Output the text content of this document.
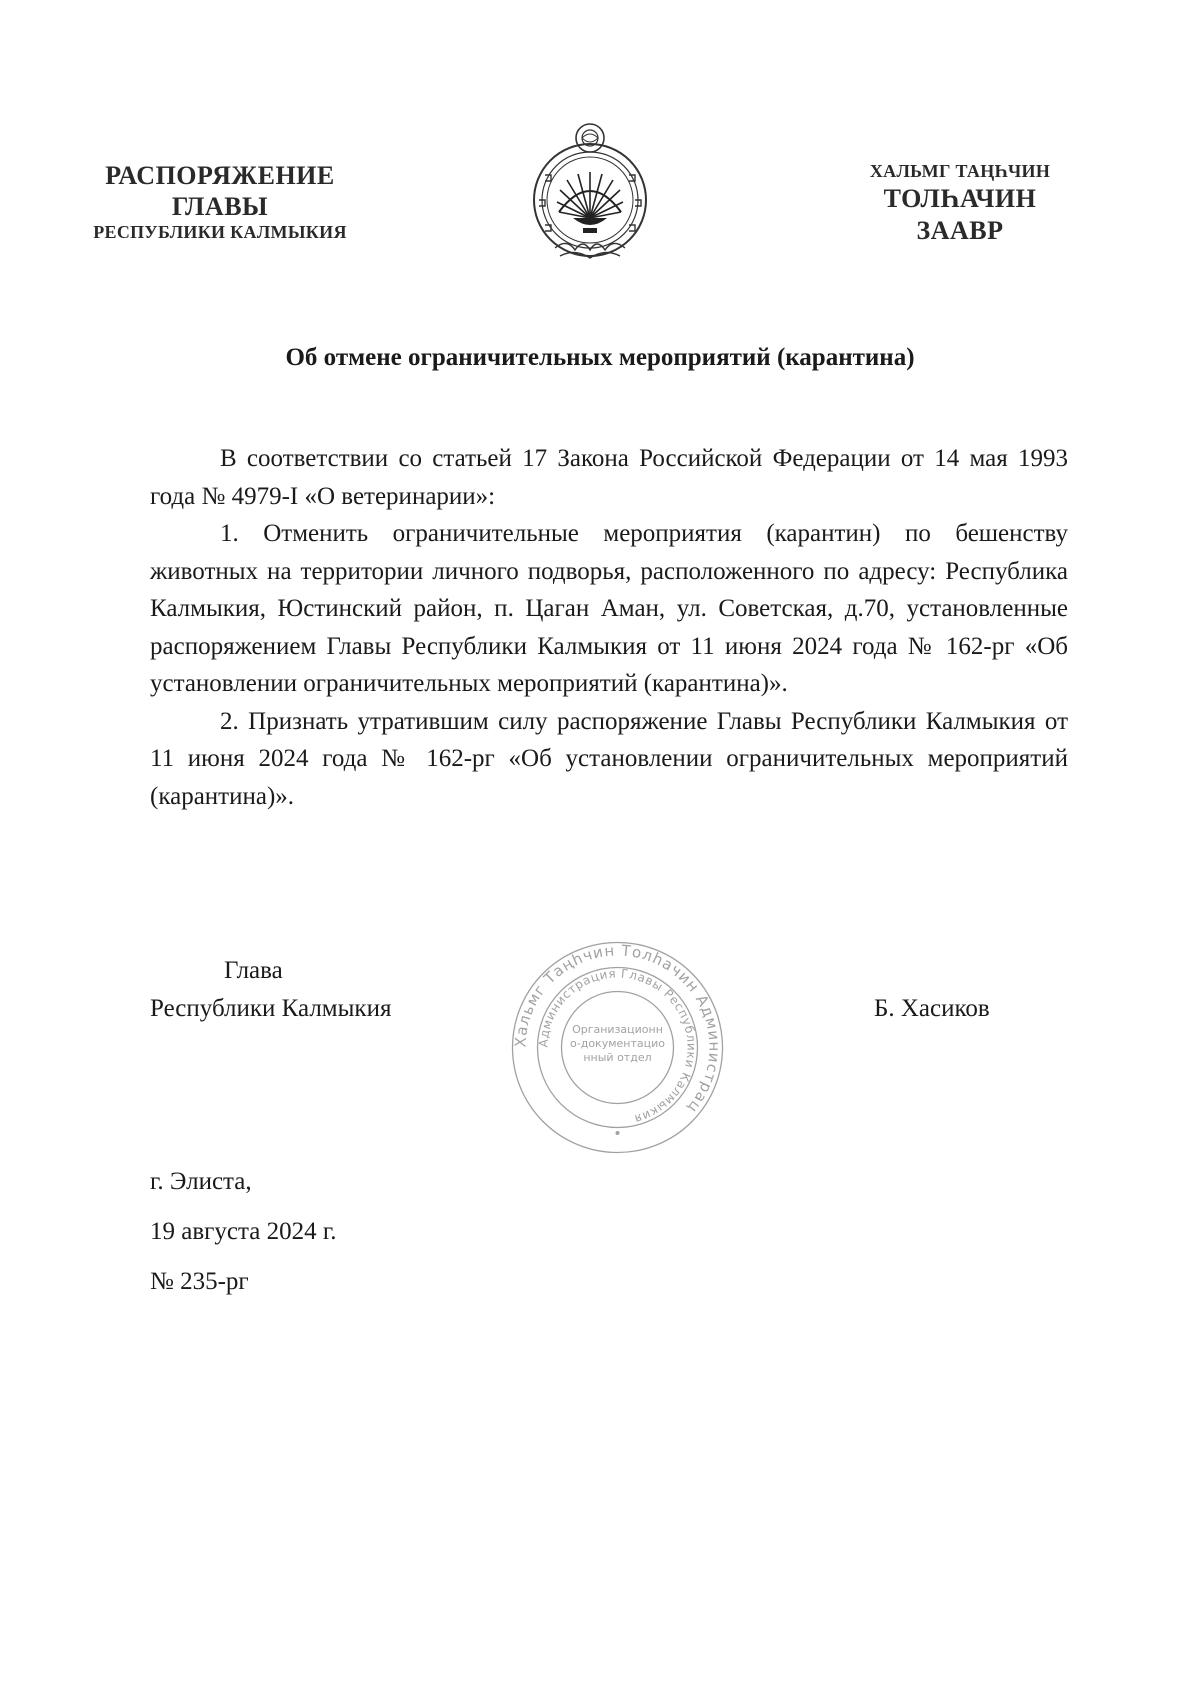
РАСПОРЯЖЕНИЕ
ГЛАВЫ
РЕСПУБЛИКИ КАЛМЫКИЯ
ХАЛЬМГ ТАҢҺЧИН
ТОЛҺАЧИН
ЗААВР
Об отмене ограничительных мероприятий (карантина)

В соответствии со статьей 17 Закона Российской Федерации от 14 мая 1993 года № 4979-I «О ветеринарии»:

1. Отменить ограничительные мероприятия (карантин) по бешенству животных на территории личного подворья, расположенного по адресу: Республика Калмыкия, Юстинский район, п. Цаган Аман, ул. Советская, д.70, установленные распоряжением Главы Республики Калмыкия от 11 июня 2024 года № 162-рг «Об установлении ограничительных мероприятий (карантина)».

2. Признать утратившим силу распоряжение Главы Республики Калмыкия от 11 июня 2024 года № 162-рг «Об установлении ограничительных мероприятий (карантина)».

Глава
Республики Калмыкия
Хальмг Таңһчин Толһачин Администрац
Администрация Главы Республики Калмыкия
Организационно-документационный отдел
Б. Хасиков
г. Элиста,
19 августа 2024 г.
№ 235-рг
